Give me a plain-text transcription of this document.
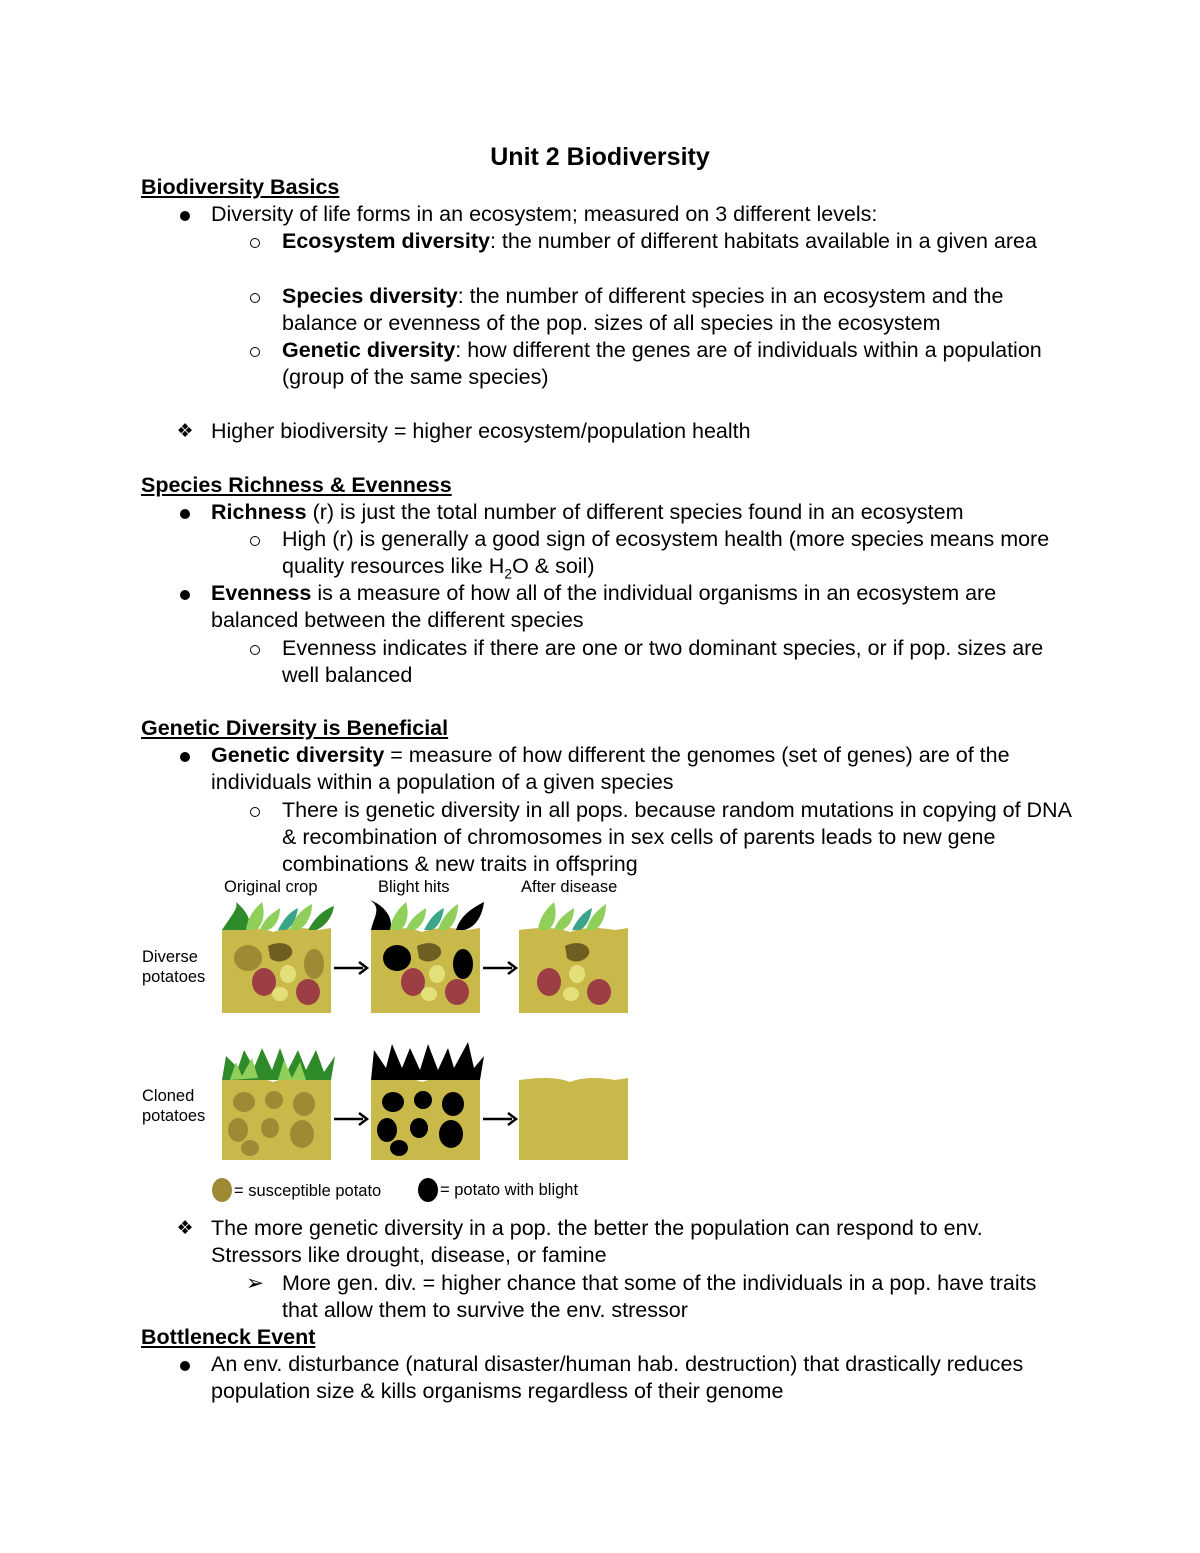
Unit 2 Biodiversity
Biodiversity Basics
Diversity of life forms in an ecosystem; measured on 3 different levels:
Ecosystem diversity: the number of different habitats available in a given area
Species diversity: the number of different species in an ecosystem and the balance or evenness of the pop. sizes of all species in the ecosystem
Genetic diversity: how different the genes are of individuals within a population (group of the same species)
❖ Higher biodiversity = higher ecosystem/population health
Species Richness & Evenness
Richness (r) is just the total number of different species found in an ecosystem
High (r) is generally a good sign of ecosystem health (more species means more quality resources like $H_2O$ & soil)
Evenness is a measure of how all of the individual organisms in an ecosystem are balanced between the different species
Evenness indicates if there are one or two dominant species, or if pop. sizes are well balanced
Genetic Diversity is Beneficial
Genetic diversity = measure of how different the genomes (set of genes) are of the individuals within a population of a given species
There is genetic diversity in all pops. because random mutations in copying of DNA & recombination of chromosomes in sex cells of parents leads to new gene combinations & new traits in offspring
Original crop	Blight hits	After disease
Diverse
potatoes
Cloned
potatoes
= susceptible potato	= potato with blight
❖ The more genetic diversity in a pop. the better the population can respond to env. Stressors like drought, disease, or famine
➢ More gen. div. = higher chance that some of the individuals in a pop. have traits that allow them to survive the env. stressor
Bottleneck Event
An env. disturbance (natural disaster/human hab. destruction) that drastically reduces population size & kills organisms regardless of their genome
